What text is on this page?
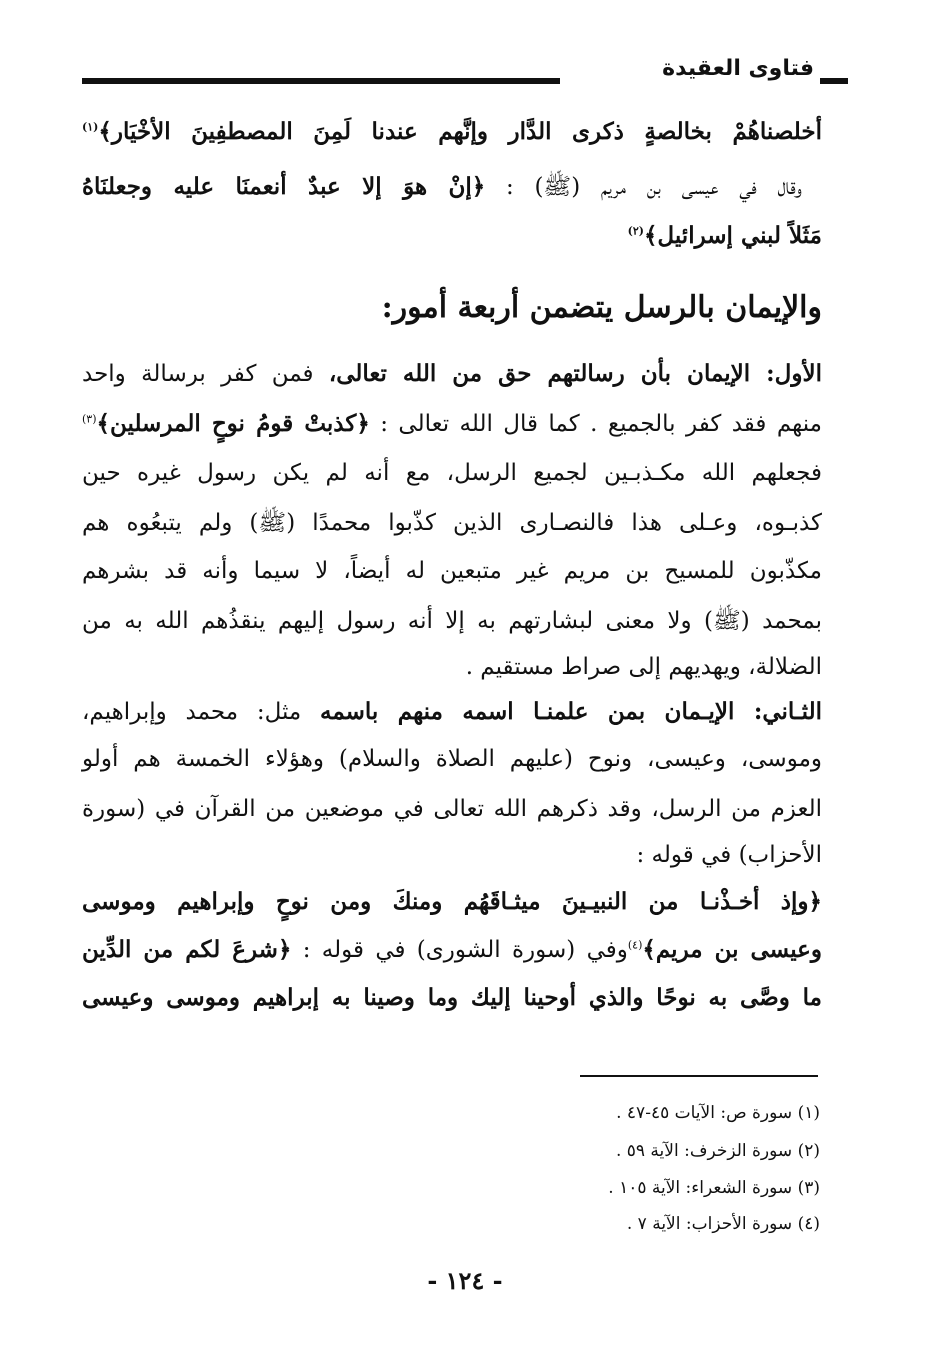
فتاوى العقيدة
أخلصناهُمْ بخالصةٍ ذكرى الدَّار وإنَّهم عندنا لَمِنَ المصطفِينَ الأخْيَار﴾$^{(١)}$
وقال في عيسى بن مريم (ﷺ) : ﴿إنْ هوَ إلا عبدٌ أنعمنَا عليه وجعلنَاهُ
مَثَلاً لبني إسرائيل﴾$^{(٢)}$
والإيمان بالرسل يتضمن أربعة أمور:
الأول: الإيمان بأن رسالتهم حق من الله تعالى، فمن كفر برسالة واحد
منهم فقد كفر بالجميع . كما قال الله تعالى : ﴿كذبتْ قومُ نوحٍ المرسلين﴾$^{(٣)}$
فجعلهم الله مكـذبـين لجميع الرسل، مع أنه لم يكن رسول غيره حين
كذبـوه، وعـلى هذا فالنصـارى الذين كذّبوا محمدًا (ﷺ) ولم يتبعُوه هم
مكذّبون للمسيح بن مريم غير متبعين له أيضاً، لا سيما وأنه قد بشرهم
بمحمد (ﷺ) ولا معنى لبشارتهم به إلا أنه رسول إليهم ينقذُهم الله به من
الضلالة، ويهديهم إلى صراط مستقيم .
الثـاني: الإيـمان بمن علمنـا اسمه منهم باسمه مثل: محمد وإبراهيم،
وموسى، وعيسى، ونوح (عليهم الصلاة والسلام) وهؤلاء الخمسة هم أولو
العزم من الرسل، وقد ذكرهم الله تعالى في موضعين من القرآن في (سورة
الأحزاب) في قوله :
﴿وإذ أخـذْنـا من النبيـينَ ميثـاقَهُم ومنكَ ومن نوحٍ وإبراهيم وموسى
وعيسى بن مريم﴾$^{(٤)}$وفي (سورة الشورى) في قوله : ﴿شرعَ لكم من الدِّين
ما وصَّى به نوحًا والذي أوحينا إليك وما وصينا به إبراهيم وموسى وعيسى
(١) سورة ص: الآيات ٤٥-٤٧ .
(٢) سورة الزخرف: الآية ٥٩ .
(٣) سورة الشعراء: الآية ١٠٥ .
(٤) سورة الأحزاب: الآية ٧ .
- ١٢٤ -
